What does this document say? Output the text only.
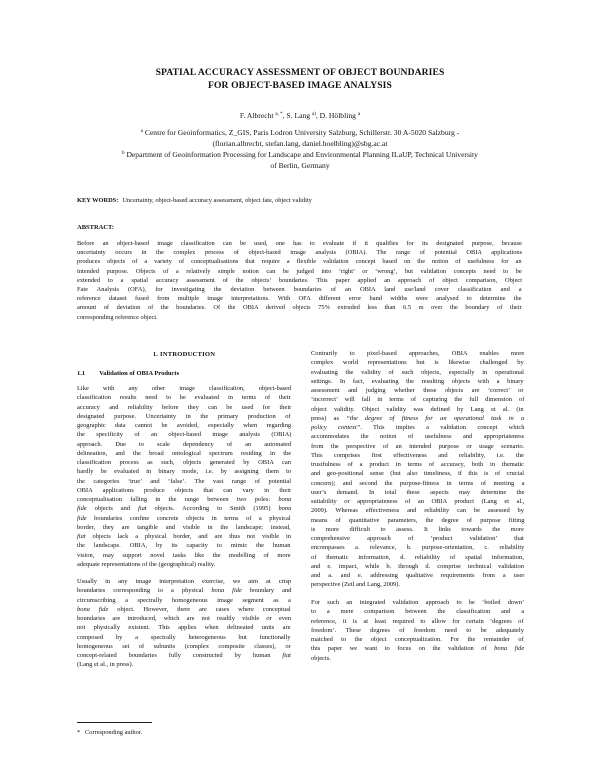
SPATIAL ACCURACY ASSESSMENT OF OBJECT BOUNDARIES
FOR OBJECT-BASED IMAGE ANALYSIS
F. Albrecht $^{a, *}$, S. Lang $^{a)}$, D. Hölbling $^a$
$^a$ Centre for Geoinformatics, Z_GIS, Paris Lodron University Salzburg, Schillerstr. 30 A-5020 Salzburg -
(florian.albrecht, stefan.lang, daniel.hoelbling)@sbg.ac.at
$^b$ Department of Geoinformation Processing for Landscape and Environmental Planning ILaUP, Technical University
of Berlin, Germany
KEY WORDS: Uncertainty, object-based accuracy assessment, object fate, object validity
ABSTRACT:
Before an object-based image classification can be used, one has to evaluate if it qualifies for its designated purpose, because
uncertainty occurs in the complex process of object-based image analysis (OBIA). The range of potential OBIA applications
produces objects of a variety of conceptualisations that require a flexible validation concept based on the notion of usefulness for an
intended purpose. Objects of a relatively simple notion can be judged into ‘right’ or ‘wrong’, but validation concepts need to be
extended to a spatial accuracy assessment of the objects’ boundaries. This paper applied an approach of object comparison, Object
Fate Analysis (OFA), for investigating the deviation between boundaries of an OBIA land use/land cover classification and a
reference dataset fused from multiple image interpretations. With OFA different error band widths were analysed to determine the
amount of deviation of the boundaries. Of the OBIA derived objects 75% extruded less than 6.5 m over the boundary of their
corresponding reference object.
1. INTRODUCTION
1.1 Validation of OBIA Products
Like with any other image classification, object-based
classification results need to be evaluated in terms of their
accuracy and reliability before they can be used for their
designated purpose. Uncertainty in the primary production of
geographic data cannot be avoided, especially when regarding
the specificity of an object-based image analysis (OBIA)
approach. Due to scale dependency of an automated
delineation, and the broad ontological spectrum residing in the
classification process as such, objects generated by OBIA can
hardly be evaluated in binary mode, i.e. by assigning them to
the categories ‘true’ and ‘false’. The vast range of potential
OBIA applications produce objects that can vary in their
conceptualisation falling in the range between two poles: bona
fide objects and fiat objects. According to Smith (1995) bona
fide boundaries confine concrete objects in terms of a physical
border, they are tangible and visible in the landscape; instead,
fiat objects lack a physical border, and are thus not visible in
the landscape. OBIA, by its capacity to mimic the human
vision, may support novel tasks like the modelling of more
adequate representations of the (geographical) reality.
Usually in any image interpretation exercise, we aim at crisp
boundaries corresponding to a physical bona fide boundary and
circumscribing a spectrally homogeneous image segment as a
bona fide object. However, there are cases where conceptual
boundaries are introduced, which are not readily visible or even
not physically existent. This applies when delineated units are
composed by a spectrally heterogeneous but functionally
homogeneous set of subunits (complex composite classes), or
concept-related boundaries fully constructed by human fiat
(Lang et al., in press).
Contrarily to pixel-based approaches, OBIA enables more
complex world representations but is likewise challenged by
evaluating the validity of such objects, especially in operational
settings. In fact, evaluating the resulting objects with a binary
assessment and judging whether these objects are ‘correct’ or
‘incorrect’ will fall in terms of capturing the full dimension of
object validity. Object validity was defined by Lang et al. (in
press) as “the degree of fitness for an operational task in a
policy context”. This implies a validation concept which
accommodates the notion of usefulness and appropriateness
from the perspective of an intended purpose or usage scenario.
This comprises first effectiveness and reliability, i.e. the
trustfulness of a product in terms of accuracy, both in thematic
and geo-positional sense (but also timeliness, if this is of crucial
concern); and second the purpose-fitness in terms of meeting a
user’s demand. In total these aspects may determine the
suitability or appropriateness of an OBIA product (Lang et al.,
2009). Whereas effectiveness and reliability can be assessed by
means of quantitative parameters, the degree of purpose fitting
is more difficult to assess. It links towards the more
comprehensive approach of ‘product validation’ that
encompasses a. relevance, b. purpose-orientation, c. reliability
of thematic information, d. reliability of spatial information,
and e. impact, while b. through d. comprise technical validation
and a. and e. addressing qualitative requirements from a user
perspective (Zeil and Lang, 2009).
For such an integrated validation approach to be ‘boiled down’
to a mere comparison between the classification and a
reference, it is at least required to allow for certain ‘degrees of
freedom’. These degrees of freedom need to be adequately
matched to the object conceptualization. For the remainder of
this paper we want to focus on the validation of bona fide
objects.
* Corresponding author.
